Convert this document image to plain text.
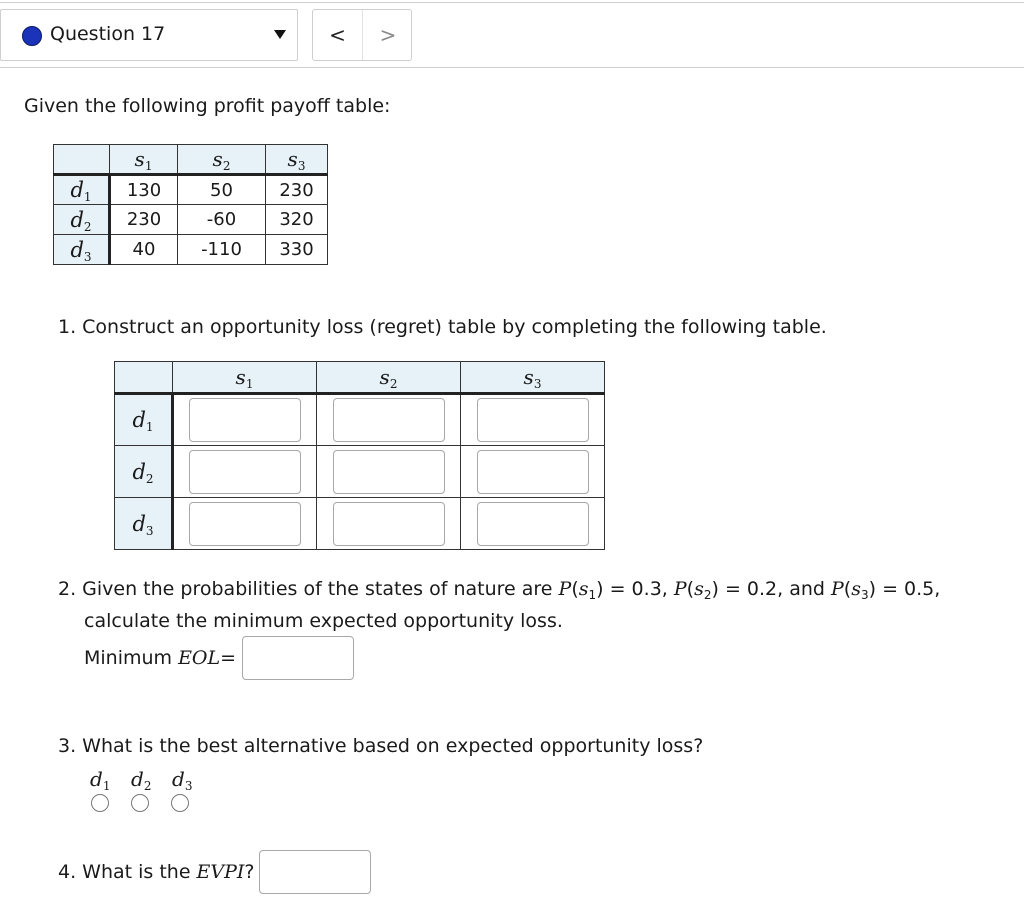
Question 17	<	>
Given the following profit payoff table:
	$s_1$	$s_2$	$s_3$
$d_1$	130	50	230
$d_2$	230	-60	320
$d_3$	40	-110	330
1. Construct an opportunity loss (regret) table by completing the following table.
	$s_1$	$s_2$	$s_3$
$d_1$	

$d_2$	

$d_3$	

2. Given the probabilities of the states of nature are $P(s_1) = 0.3$, $P(s_2) = 0.2$, and $P(s_3) = 0.5$,
calculate the minimum expected opportunity loss.
Minimum EOL =
3. What is the best alternative based on expected opportunity loss?
$d_1$	$d_2$	$d_3$
4. What is the EVPI ?
